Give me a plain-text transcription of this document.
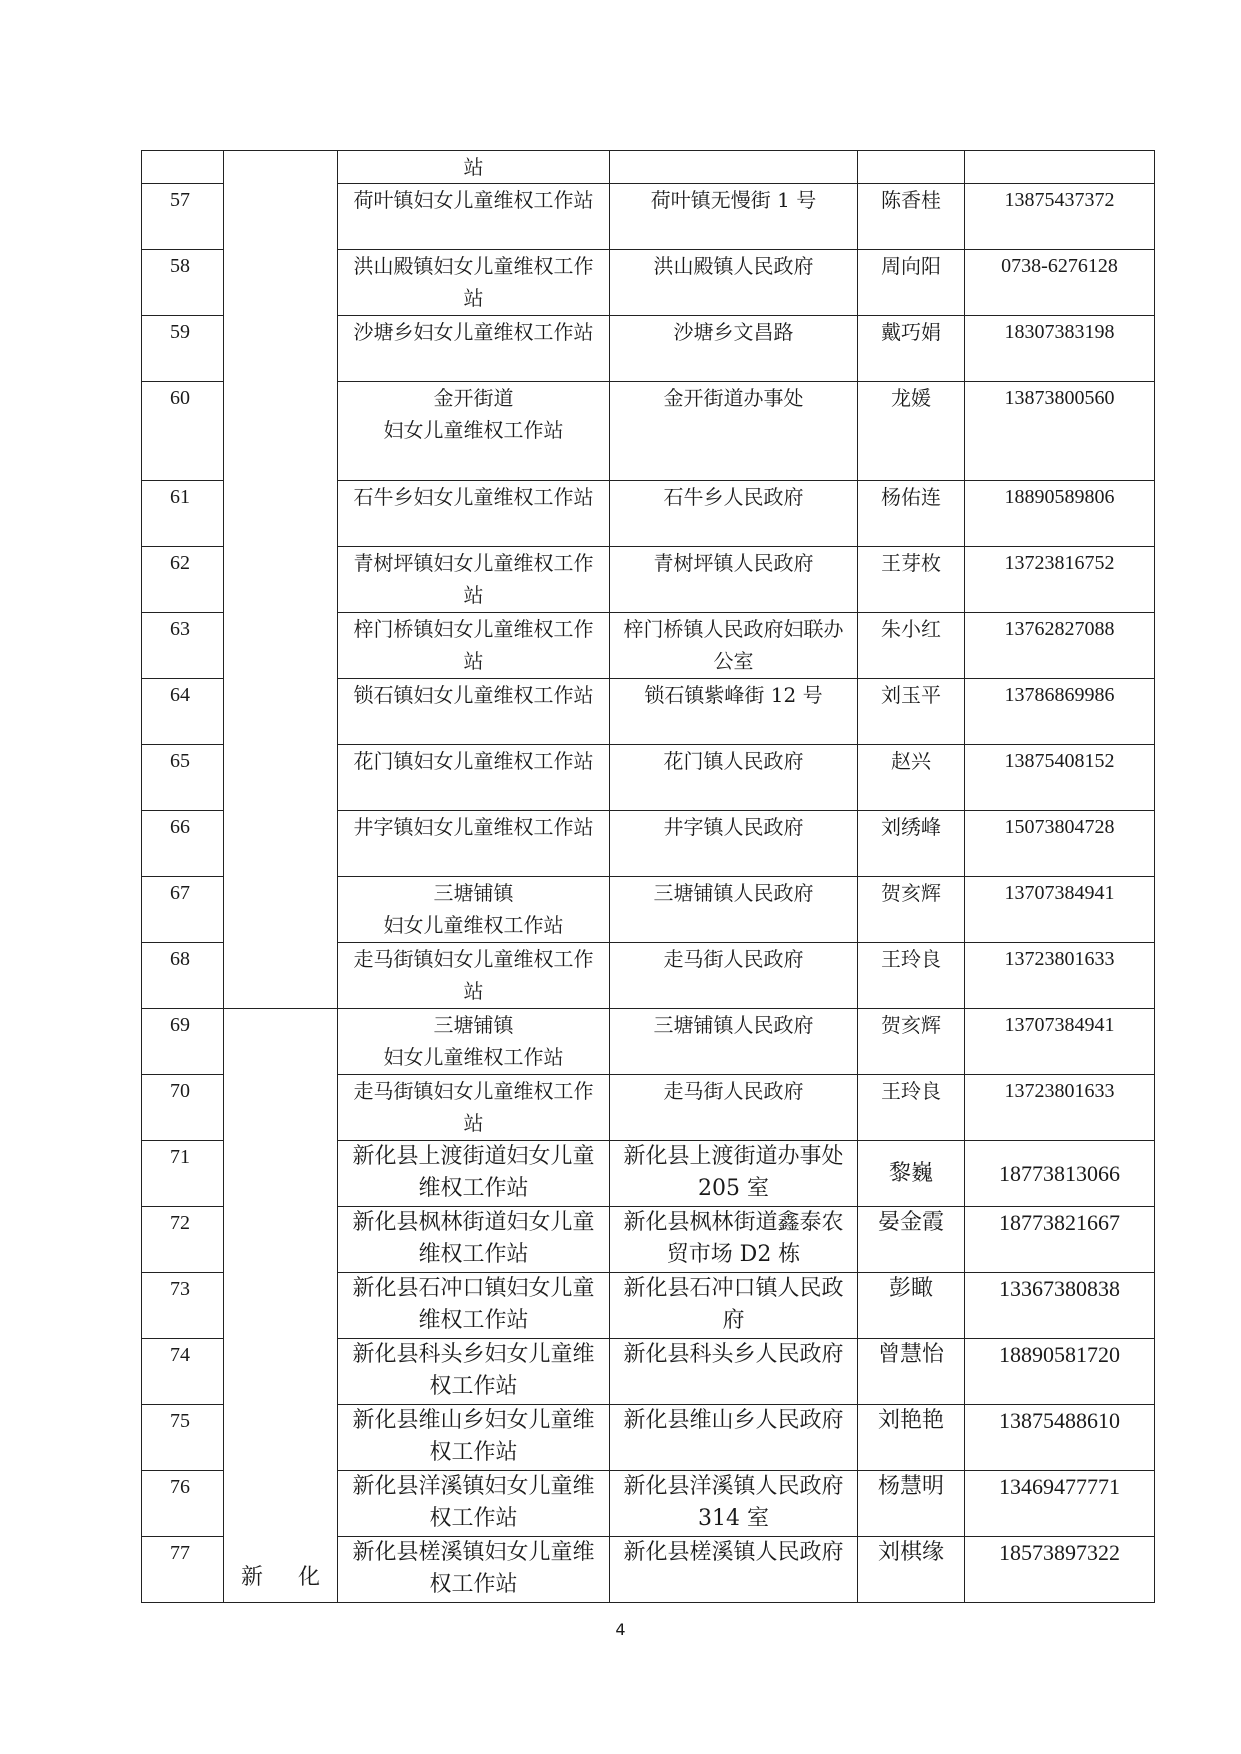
		站			
57		荷叶镇妇女儿童维权工作站	荷叶镇无慢街 1 号	陈香桂	13875437372
58		洪山殿镇妇女儿童维权工作站	洪山殿镇人民政府	周向阳	0738-6276128
59		沙塘乡妇女儿童维权工作站	沙塘乡文昌路	戴巧娟	18307383198
60		金开街道
妇女儿童维权工作站	金开街道办事处	龙媛	13873800560
61		石牛乡妇女儿童维权工作站	石牛乡人民政府	杨佑连	18890589806
62		青树坪镇妇女儿童维权工作站	青树坪镇人民政府	王芽枚	13723816752
63		梓门桥镇妇女儿童维权工作站	梓门桥镇人民政府妇联办公室	朱小红	13762827088
64		锁石镇妇女儿童维权工作站	锁石镇紫峰街 12 号	刘玉平	13786869986
65		花门镇妇女儿童维权工作站	花门镇人民政府	赵兴	13875408152
66		井字镇妇女儿童维权工作站	井字镇人民政府	刘绣峰	15073804728
67		三塘铺镇
妇女儿童维权工作站	三塘铺镇人民政府	贺亥辉	13707384941
68		走马街镇妇女儿童维权工作站	走马街人民政府	王玲良	13723801633
69	新 化	三塘铺镇
妇女儿童维权工作站	三塘铺镇人民政府	贺亥辉	13707384941
70		走马街镇妇女儿童维权工作站	走马街人民政府	王玲良	13723801633
71		新化县上渡街道妇女儿童维权工作站	新化县上渡街道办事处 205 室	黎巍	18773813066
72		新化县枫林街道妇女儿童维权工作站	新化县枫林街道鑫泰农贸市场 D2 栋	晏金霞	18773821667
73		新化县石冲口镇妇女儿童维权工作站	新化县石冲口镇人民政府	彭瞰	13367380838
74		新化县科头乡妇女儿童维权工作站	新化县科头乡人民政府	曾慧怡	18890581720
75		新化县维山乡妇女儿童维权工作站	新化县维山乡人民政府	刘艳艳	13875488610
76		新化县洋溪镇妇女儿童维权工作站	新化县洋溪镇人民政府 314 室	杨慧明	13469477771
77		新化县槎溪镇妇女儿童维权工作站	新化县槎溪镇人民政府	刘棋缘	18573897322
4
